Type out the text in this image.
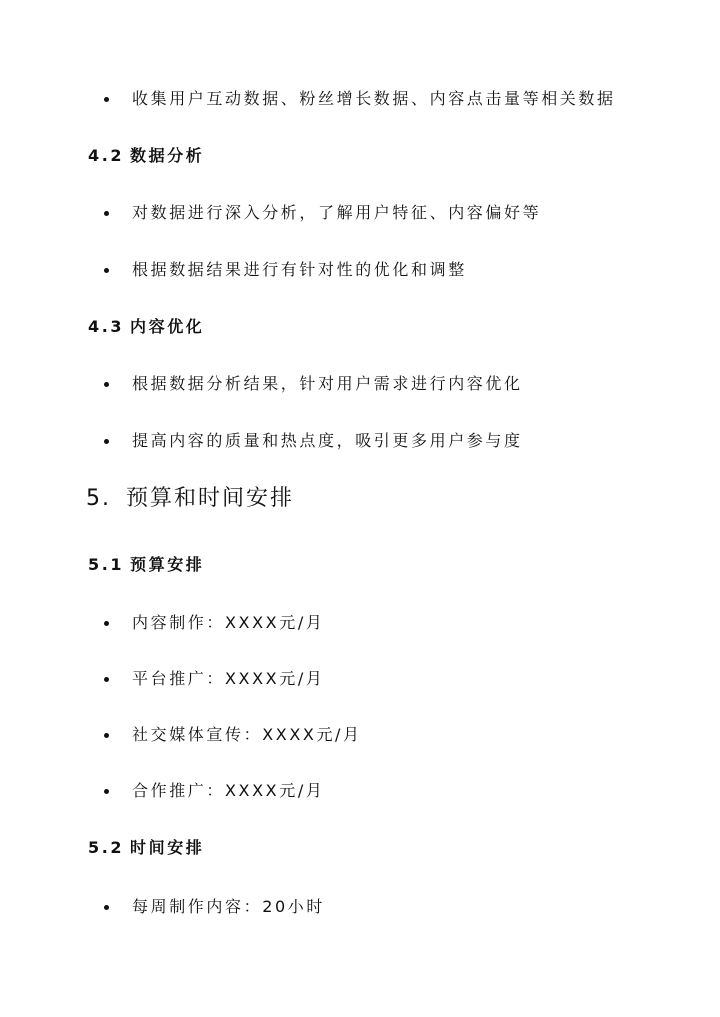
收集用户互动数据、粉丝增长数据、内容点击量等相关数据
4.2 数据分析
对数据进行深入分析，了解用户特征、内容偏好等
根据数据结果进行有针对性的优化和调整
4.3 内容优化
根据数据分析结果，针对用户需求进行内容优化
提高内容的质量和热点度，吸引更多用户参与度
5. 预算和时间安排
5.1 预算安排
内容制作：XXXX元/月
平台推广：XXXX元/月
社交媒体宣传：XXXX元/月
合作推广：XXXX元/月
5.2 时间安排
每周制作内容：20小时
